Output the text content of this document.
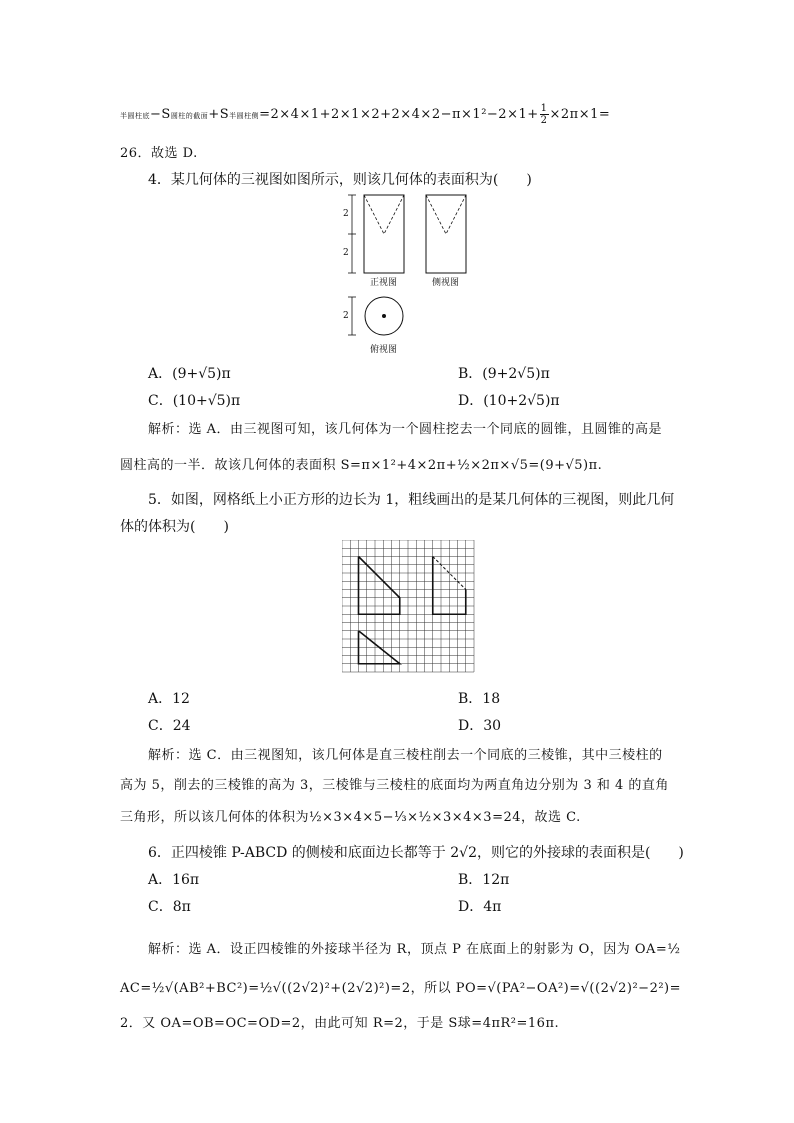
半圆柱底−S圆柱的截面+S半圆柱侧$=2\times 4\times 1+2\times 1\times 2+2\times 4\times 2-\pi\times 1^2-2\times 1+ \frac{1}{2} \times 2\pi\times 1=$
26．故选 D.
4．某几何体的三视图如图所示，则该几何体的表面积为(　　)
2
2
2
正视图	侧视图
俯视图
A．(9+√5)π	B．(9+2√5)π
C．(10+√5)π	D．(10+2√5)π
解析：选 A．由三视图可知，该几何体为一个圆柱挖去一个同底的圆锥，且圆锥的高是
圆柱高的一半．故该几何体的表面积 S=π×1²+4×2π+½×2π×√5=(9+√5)π.
5．如图，网格纸上小正方形的边长为 1，粗线画出的是某几何体的三视图，则此几何
体的体积为(　　)
A．12	B．18
C．24	D．30
解析：选 C．由三视图知，该几何体是直三棱柱削去一个同底的三棱锥，其中三棱柱的
高为 5，削去的三棱锥的高为 3，三棱锥与三棱柱的底面均为两直角边分别为 3 和 4 的直角
三角形，所以该几何体的体积为½×3×4×5−⅓×½×3×4×3=24，故选 C.
6．正四棱锥 P-ABCD 的侧棱和底面边长都等于 2√2，则它的外接球的表面积是(　　)
A．16π	B．12π
C．8π	D．4π
解析：选 A．设正四棱锥的外接球半径为 R，顶点 P 在底面上的射影为 O，因为 OA=½
AC=½√(AB²+BC²)=½√((2√2)²+(2√2)²)=2，所以 PO=√(PA²−OA²)=√((2√2)²−2²)=
2．又 OA=OB=OC=OD=2，由此可知 R=2，于是 S球=4πR²=16π.
